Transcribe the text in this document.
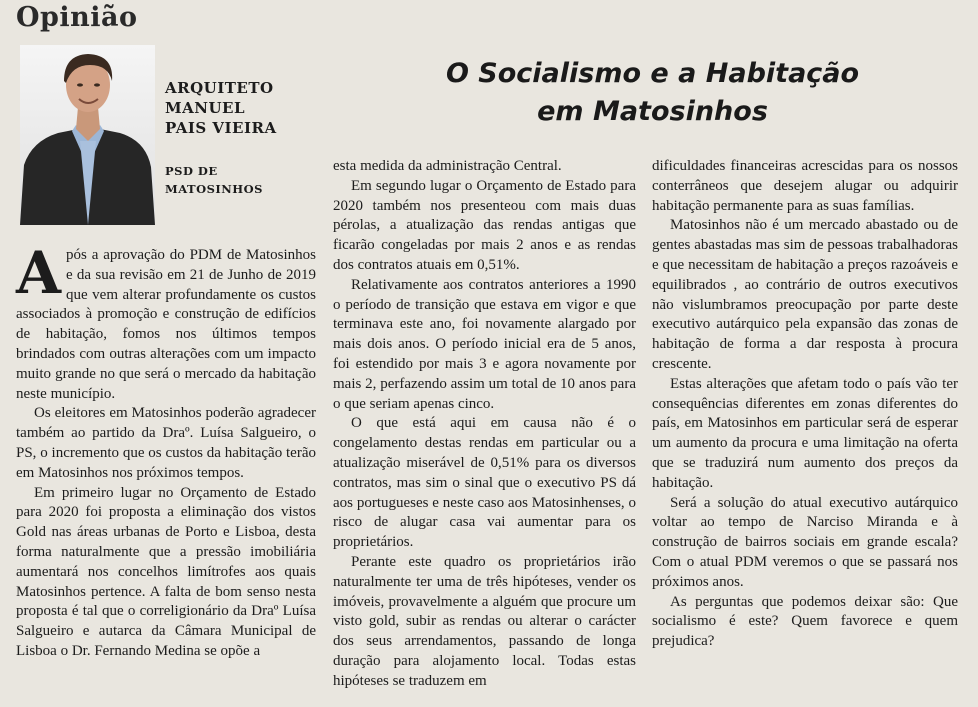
Opinião
ARQUITETO
MANUEL
PAIS VIEIRA
PSD DE
MATOSINHOS
O Socialismo e a Habitação
em Matosinhos

Após a aprovação do PDM de Matosinhos e da sua revisão em 21 de Junho de 2019 que vem alterar profundamente os custos associados à promoção e construção de edifícios de habitação, fomos nos últimos tempos brindados com outras alterações com um impacto muito grande no que será o mercado da habitação neste município.

Os eleitores em Matosinhos poderão agradecer também ao partido da Draº. Luísa Salgueiro, o PS, o incremento que os custos da habitação terão em Matosinhos nos próximos tempos.

Em primeiro lugar no Orçamento de Estado para 2020 foi proposta a eliminação dos vistos Gold nas áreas urbanas de Porto e Lisboa, desta forma naturalmente que a pressão imobiliária aumentará nos concelhos limítrofes aos quais Matosinhos pertence. A falta de bom senso nesta proposta é tal que o correligionário da Draº Luísa Salgueiro e autarca da Câmara Municipal de Lisboa o Dr. Fernando Medina se opõe a

esta medida da administração Central.

Em segundo lugar o Orçamento de Estado para 2020 também nos presenteou com mais duas pérolas, a atualização das rendas antigas que ficarão congeladas por mais 2 anos e as rendas dos contratos atuais em 0,51%.

Relativamente aos contratos anteriores a 1990 o período de transição que estava em vigor e que terminava este ano, foi novamente alargado por mais dois anos. O período inicial era de 5 anos, foi estendido por mais 3 e agora novamente por mais 2, perfazendo assim um total de 10 anos para o que seriam apenas cinco.

O que está aqui em causa não é o congelamento destas rendas em particular ou a atualização miserável de 0,51% para os diversos contratos, mas sim o sinal que o executivo PS dá aos portugueses e neste caso aos Matosinhenses, o risco de alugar casa vai aumentar para os proprietários.

Perante este quadro os proprietários irão naturalmente ter uma de três hipóteses, vender os imóveis, provavelmente a alguém que procure um visto gold, subir as rendas ou alterar o carácter dos seus arrendamentos, passando de longa duração para alojamento local. Todas estas hipóteses se traduzem em

dificuldades financeiras acrescidas para os nossos conterrâneos que desejem alugar ou adquirir habitação permanente para as suas famílias.

Matosinhos não é um mercado abastado ou de gentes abastadas mas sim de pessoas trabalhadoras e que necessitam de habitação a preços razoáveis e equilibrados , ao contrário de outros executivos não vislumbramos preocupação por parte deste executivo autárquico pela expansão das zonas de habitação de forma a dar resposta à procura crescente.

Estas alterações que afetam todo o país vão ter consequências diferentes em zonas diferentes do país, em Matosinhos em particular será de esperar um aumento da procura e uma limitação na oferta que se traduzirá num aumento dos preços da habitação.

Será a solução do atual executivo autárquico voltar ao tempo de Narciso Miranda e à construção de bairros sociais em grande escala? Com o atual PDM veremos o que se passará nos próximos anos.

As perguntas que podemos deixar são: Que socialismo é este? Quem favorece e quem prejudica?
